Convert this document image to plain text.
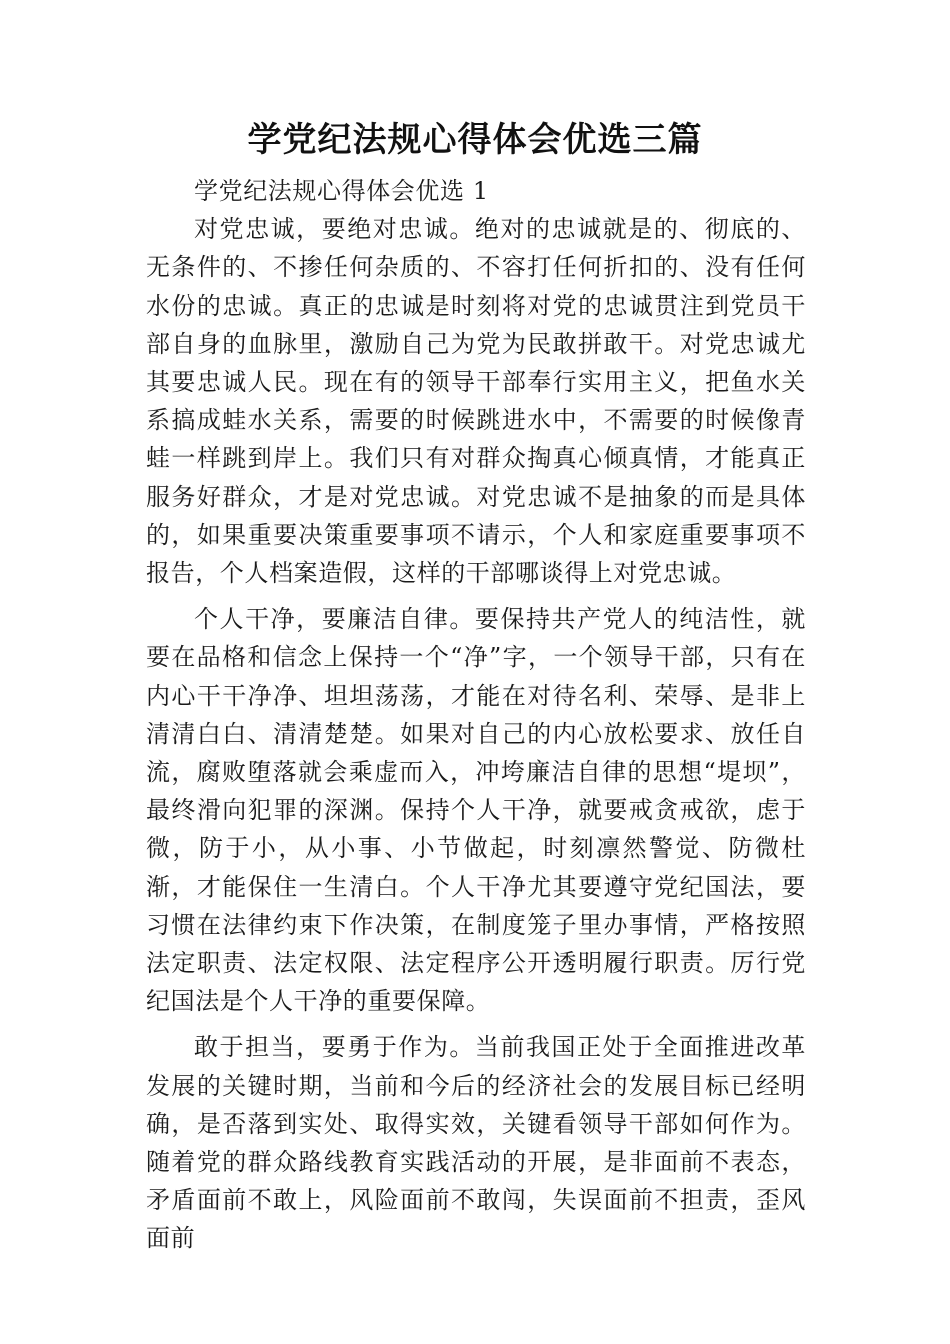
学党纪法规心得体会优选三篇

学党纪法规心得体会优选 1

对党忠诚，要绝对忠诚。绝对的忠诚就是的、彻底的、无条件的、不掺任何杂质的、不容打任何折扣的、没有任何水份的忠诚。真正的忠诚是时刻将对党的忠诚贯注到党员干部自身的血脉里，激励自己为党为民敢拼敢干。对党忠诚尤其要忠诚人民。现在有的领导干部奉行实用主义，把鱼水关系搞成蛙水关系，需要的时候跳进水中，不需要的时候像青蛙一样跳到岸上。我们只有对群众掏真心倾真情，才能真正服务好群众，才是对党忠诚。对党忠诚不是抽象的而是具体的，如果重要决策重要事项不请示，个人和家庭重要事项不报告，个人档案造假，这样的干部哪谈得上对党忠诚。

个人干净，要廉洁自律。要保持共产党人的纯洁性，就要在品格和信念上保持一个“净”字，一个领导干部，只有在内心干干净净、坦坦荡荡，才能在对待名利、荣辱、是非上清清白白、清清楚楚。如果对自己的内心放松要求、放任自流，腐败堕落就会乘虚而入，冲垮廉洁自律的思想“堤坝”，最终滑向犯罪的深渊。保持个人干净，就要戒贪戒欲，虑于微，防于小，从小事、小节做起，时刻凛然警觉、防微杜渐，才能保住一生清白。个人干净尤其要遵守党纪国法，要习惯在法律约束下作决策，在制度笼子里办事情，严格按照法定职责、法定权限、法定程序公开透明履行职责。厉行党纪国法是个人干净的重要保障。

敢于担当，要勇于作为。当前我国正处于全面推进改革发展的关键时期，当前和今后的经济社会的发展目标已经明确，是否落到实处、取得实效，关键看领导干部如何作为。随着党的群众路线教育实践活动的开展，是非面前不表态，矛盾面前不敢上，风险面前不敢闯，失误面前不担责，歪风面前
